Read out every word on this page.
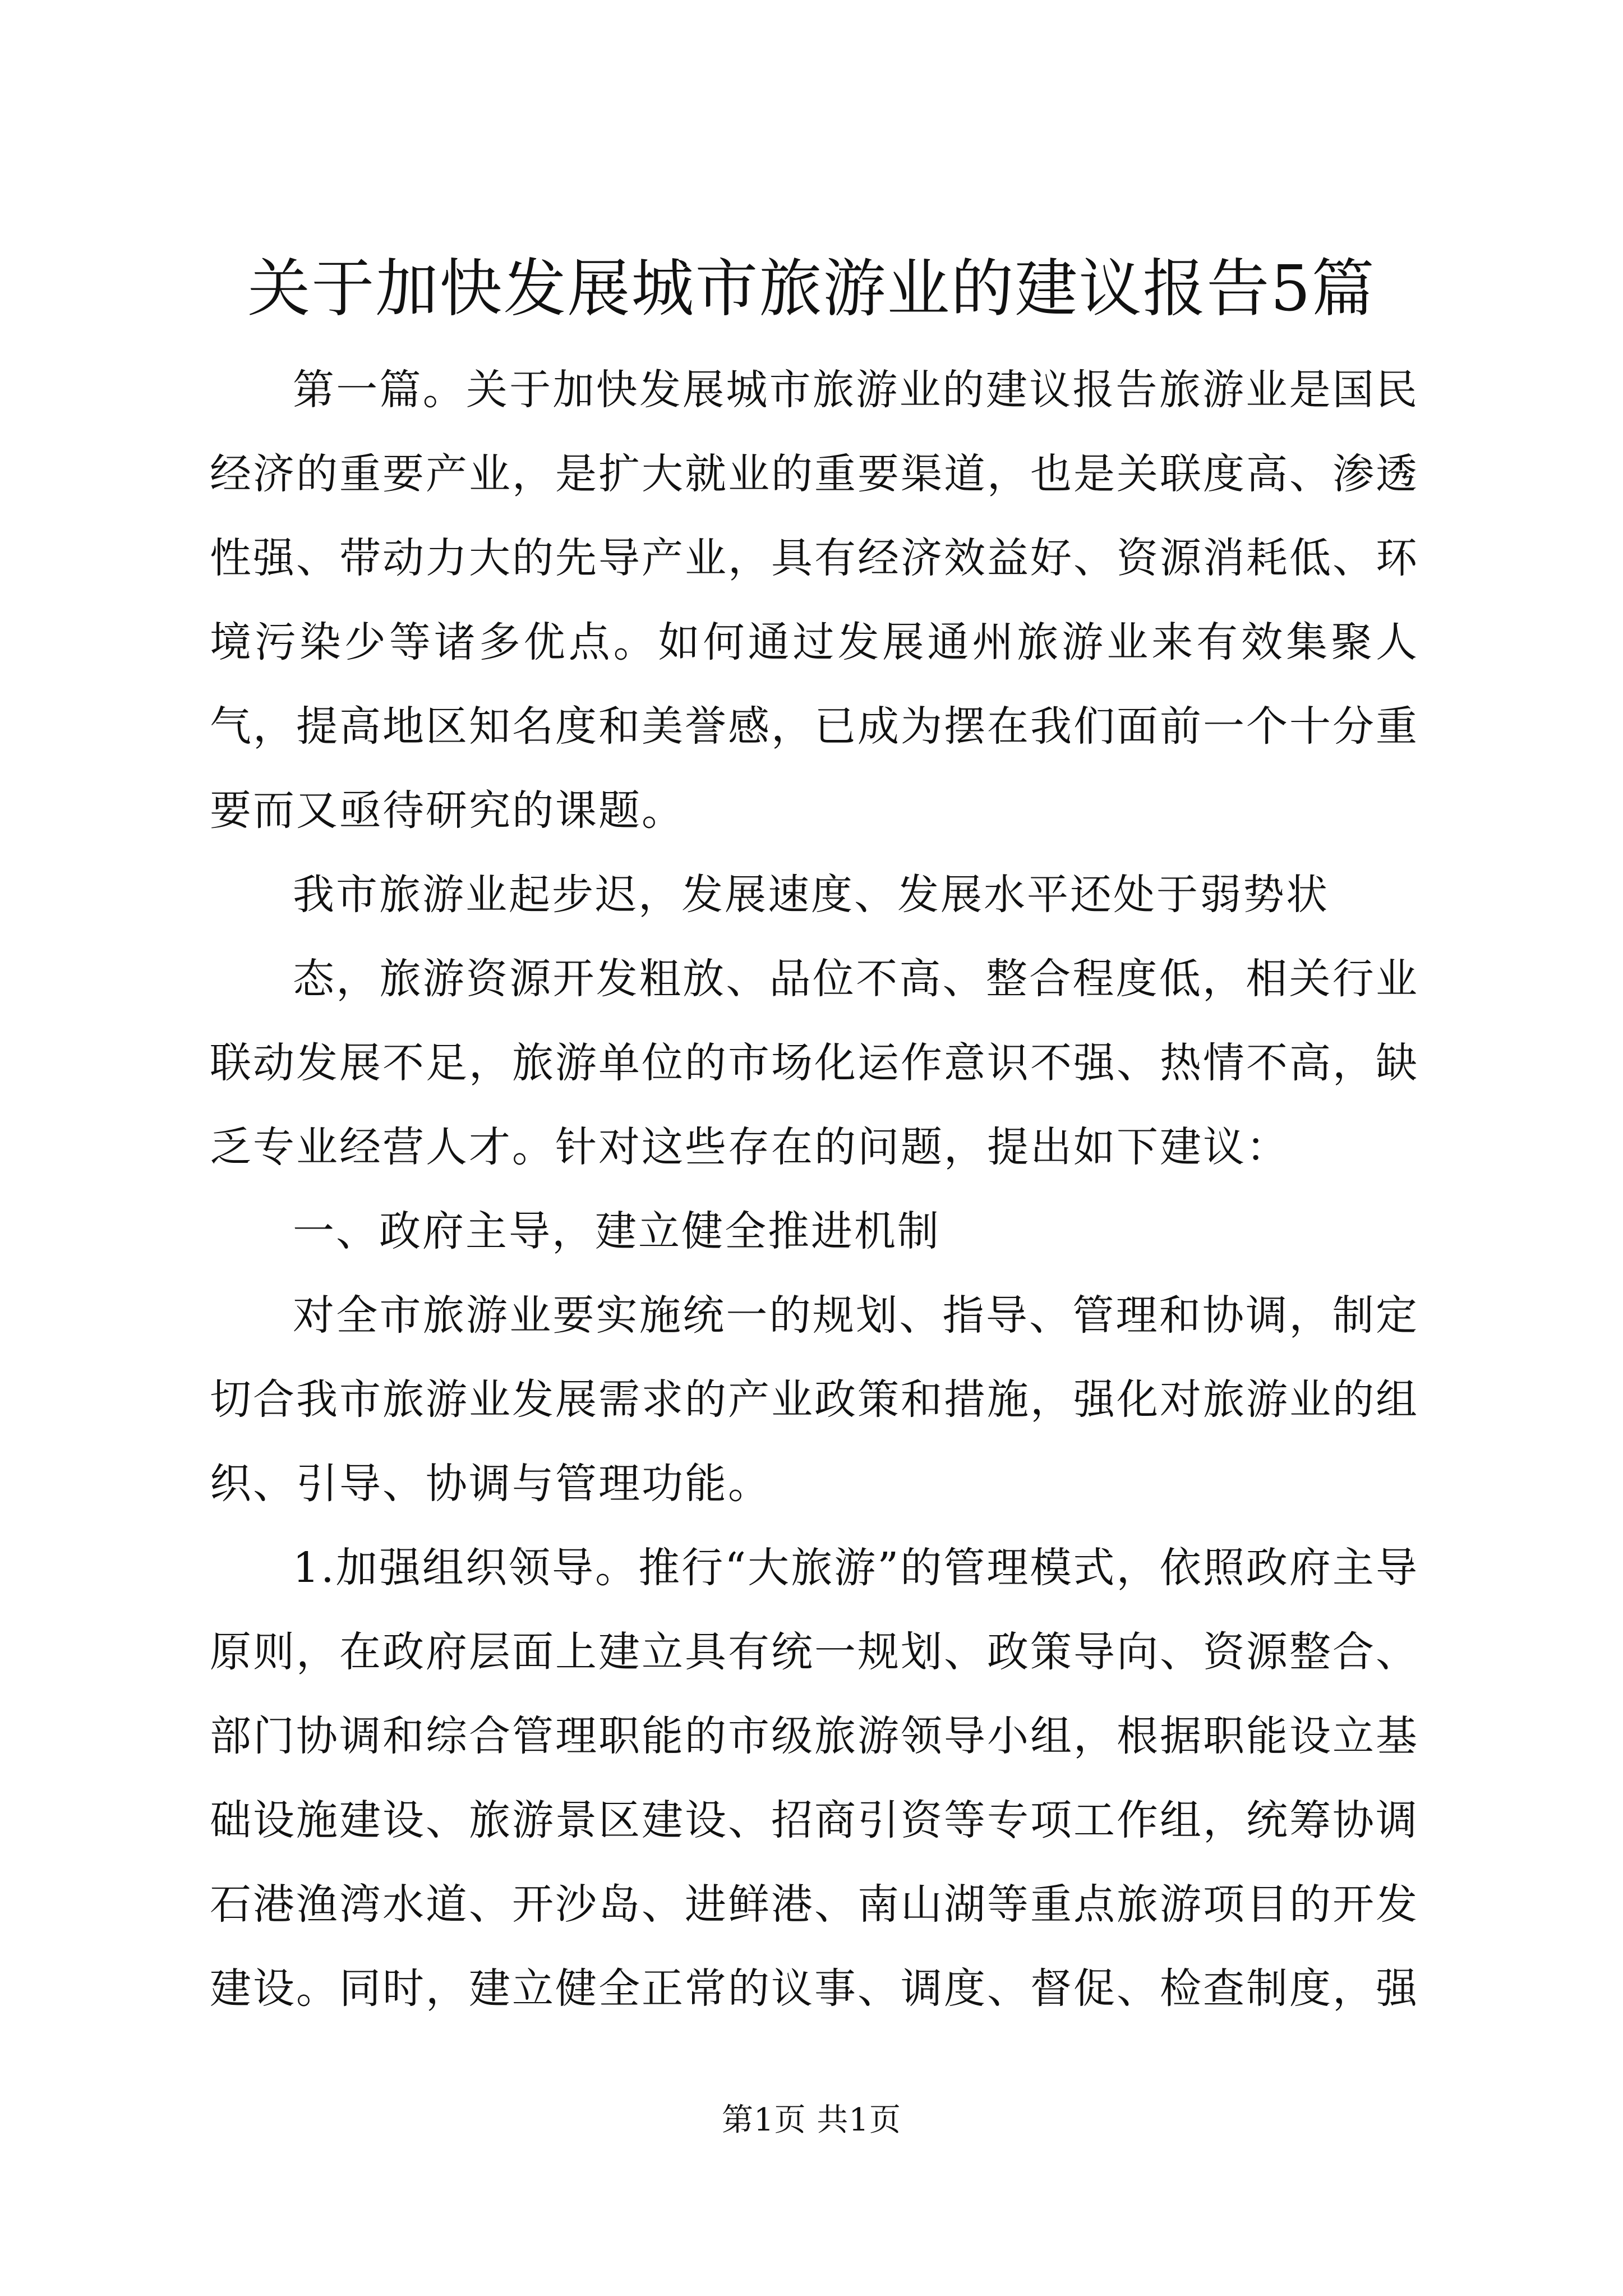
关于加快发展城市旅游业的建议报告5篇

第一篇。关于加快发展城市旅游业的建议报告旅游业是国民经济的重要产业，是扩大就业的重要渠道，也是关联度高、渗透性强、带动力大的先导产业，具有经济效益好、资源消耗低、环境污染少等诸多优点。如何通过发展通州旅游业来有效集聚人气，提高地区知名度和美誉感，已成为摆在我们面前一个十分重要而又亟待研究的课题。

我市旅游业起步迟，发展速度、发展水平还处于弱势状

态，旅游资源开发粗放、品位不高、整合程度低，相关行业联动发展不足，旅游单位的市场化运作意识不强、热情不高，缺乏专业经营人才。针对这些存在的问题，提出如下建议：

一、政府主导，建立健全推进机制

对全市旅游业要实施统一的规划、指导、管理和协调，制定切合我市旅游业发展需求的产业政策和措施，强化对旅游业的组织、引导、协调与管理功能。

1.加强组织领导。推行“大旅游”的管理模式，依照政府主导原则，在政府层面上建立具有统一规划、政策导向、资源整合、部门协调和综合管理职能的市级旅游领导小组，根据职能设立基础设施建设、旅游景区建设、招商引资等专项工作组，统筹协调石港渔湾水道、开沙岛、进鲜港、南山湖等重点旅游项目的开发建设。同时，建立健全正常的议事、调度、督促、检查制度，强

第1页 共1页
